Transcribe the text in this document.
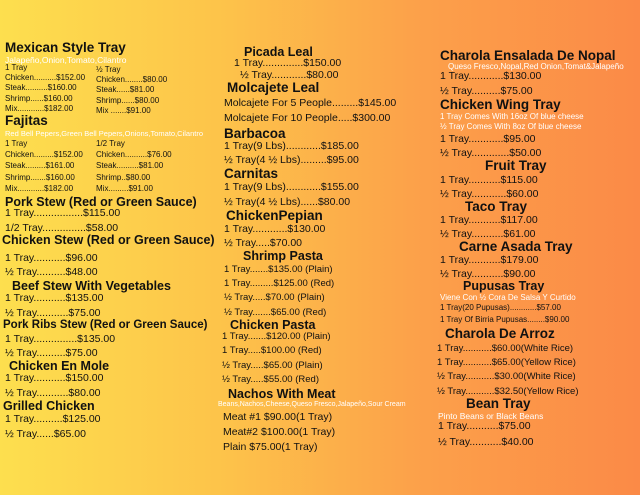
Mexican Style Tray
Jalapeño,Onion,Tomato,Cilantro
1 Tray
Chicken..........$152.00
Steak..........$160.00
Shrimp......$160.00
Mix............$182.00
½ Tray
Chicken........$80.00
Steak......$81.00
Shrimp......$80.00
Mix .......$91.00
Fajitas
Red Bell Pepers,Green Bell Pepers,Onions,Tomato,Cilantro
1 Tray
Chicken.........$152.00
Steak.........$161.00
Shrimp.......$160.00
Mix............$182.00
1/2 Tray
Chicken..........$76.00
Steak..........$81.00
Shrimp..$80.00
Mix.........$91.00
Pork Stew (Red or Green Sauce)
1 Tray.................$115.00
1/2 Tray...............$58.00
Chicken Stew (Red or Green Sauce)
1 Tray...........$96.00
½ Tray..........$48.00
Beef Stew With Vegetables
1 Tray...........$135.00
½ Tray...........$75.00
Pork Ribs Stew (Red or Green Sauce)
1 Tray...............$135.00
½ Tray..........$75.00
Chicken En Mole
1 Tray...........$150.00
½ Tray...........$80.00
Grilled Chicken
1 Tray..........$125.00
½ Tray......$65.00
Picada Leal
1 Tray..............$150.00
½ Tray............$80.00
Molcajete Leal
Molcajete For 5 People.........$145.00
Molcajete For 10 People.....$300.00
Barbacoa
1 Tray(9 Lbs)............$185.00
½ Tray(4 ½ Lbs).........$95.00
Carnitas
1 Tray(9 Lbs)............$155.00
½ Tray(4 ½ Lbs)......$80.00
ChickenPepian
1 Tray............$130.00
½ Tray.....$70.00
Shrimp Pasta
1 Tray.......$135.00 (Plain)
1 Tray.........$125.00 (Red)
½ Tray.....$70.00 (Plain)
½ Tray.......$65.00 (Red)
Chicken Pasta
1 Tray.......$120.00 (Plain)
1 Tray.....$100.00 (Red)
½ Tray.....$65.00 (Plain)
½ Tray.....$55.00 (Red)
Nachos With Meat
Beans,Nachos,Cheese,Queso Fresco,Jalapeño,Sour Cream
Meat #1 $90.00(1 Tray)
Meat#2 $100.00(1 Tray)
Plain $75.00(1 Tray)
Charola Ensalada De Nopal
Queso Fresco,Nopal,Red Onion,Tomat&Jalapeño
1 Tray............$130.00
½ Tray..........$75.00
Chicken Wing Tray
1 Tray Comes With 16oz Of blue cheese
½ Tray Comes With 8oz Of blue cheese
1 Tray............$95.00
½ Tray.............$50.00
Fruit Tray
1 Tray...........$115.00
½ Tray............$60.00
Taco Tray
1 Tray...........$117.00
½ Tray...........$61.00
Carne Asada Tray
1 Tray...........$179.00
½ Tray...........$90.00
Pupusas Tray
Viene Con ½ Cora De Salsa Y Curtido
1 Tray(20 Pupusas)............$57.00
1 Tray Of Birria Pupusas........$90.00
Charola De Arroz
1 Tray...........$60.00(White Rice)
1 Tray...........$65.00(Yellow Rice)
½ Tray...........$30.00(White Rice)
½ Tray...........$32.50(Yellow Rice)
Bean Tray
Pinto Beans or Black Beans
1 Tray...........$75.00
½ Tray...........$40.00
